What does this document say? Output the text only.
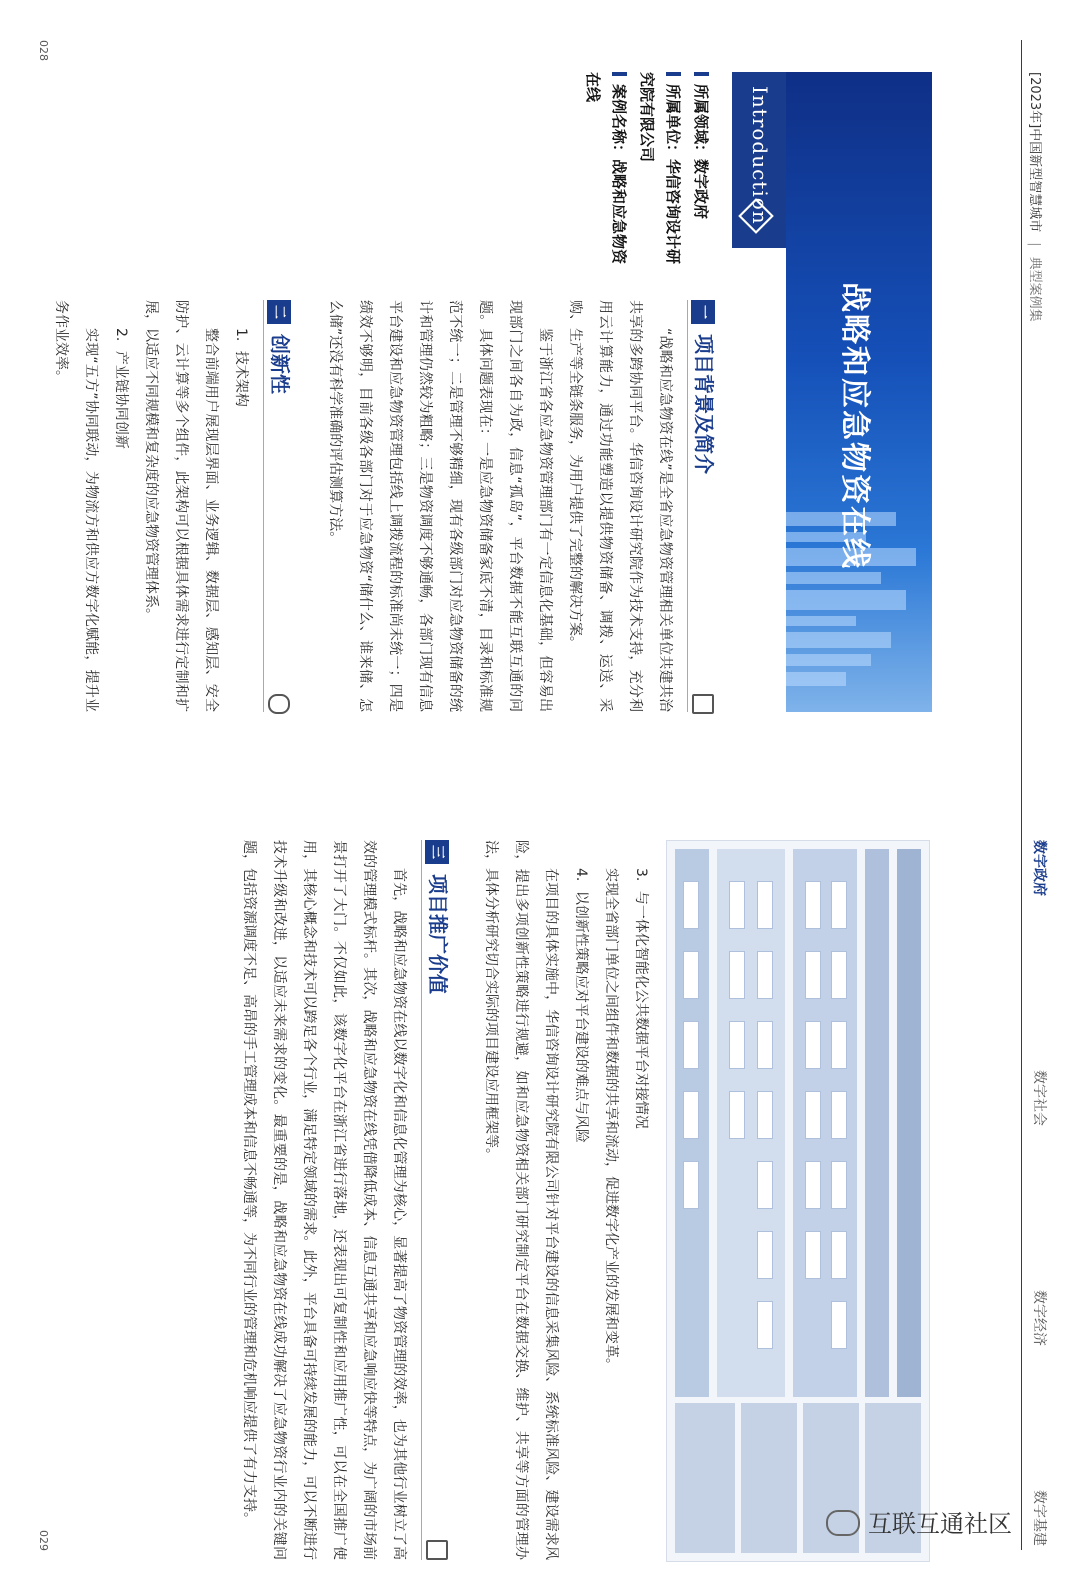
[2023年]中国新型智慧城市|典型案例集
数字政府
数字社会
数字经济
数字基建
战略和应急物资在线
Introduction
所属领域：数字政府
所属单位：华信咨询设计研
究院有限公司
案例名称：战略和应急物资
在线
一项目背景及简介

“战略和应急物资在线”是全省应急物资管理相关单位共建共治共享的多跨协同平台。华信咨询设计研究院作为技术支持，充分利用云计算能力，通过功能塑造以提供物资储备、调拨、运送、采购、生产等全链条服务，为用户提供了完整的解决方案。

鉴于浙江省各应急物资管理部门有一定信息化基础，但容易出现部门之间各自为政，信息“孤岛”，平台数据不能互联互通的问题。具体问题表现在：一是应急物资储备家底不清，目录和标准规范不统一；二是管理不够精细，现有各级部门对应急物资储备的统计和管理仍然较为粗略；三是物资调度不够通畅，各部门现有信息平台建设和应急物资管理包括线上调拨流程的标准尚未统一；四是绩效不够明，目前各级各部门对于应急物资“储什么、谁来储、怎么储”还没有科学准确的评估测算方法。

二创新性

1．技术架构

整合前端用户展现层界面、业务逻辑、数据层、感知层、安全防护、云计算等多个组件，此架构可以根据具体需求进行定制和扩展，以适应不同规模和复杂度的应急物资管理体系。

2．产业链协同创新

实现“五方”协同联动，为物流方和供应方数字化赋能，提升业务作业效率。

3．与一体化智能化公共数据平台对接情况

实现全省部门单位之间组件和数据的共享和流动，促进数字化产业的发展和变革。

4．以创新性策略应对平台建设的难点与风险

在项目的具体实施中，华信咨询设计研究院有限公司针对平台建设的信息采集风险、系统标准风险、建设需求风险，提出多项创新性策略进行规避，如和应急物资相关部门研究制定平台在数据交换、维护、共享等方面的管理办法，具体分析研究切合实际的项目建设应用框架等。

三项目推广价值

首先，战略和应急物资在线以数字化和信息化管理为核心，显著提高了物资管理的效率，也为其他行业树立了高效的管理模式标杆。其次，战略和应急物资在线凭借降低成本、信息互通共享和应急响应快等特点，为广阔的市场前景打开了大门。不仅如此，该数字化平台在浙江省进行落地，还表现出可复制性和应用推广性，可以在全国推广使用，其核心概念和技术可以跨足各个行业，满足特定领域的需求。此外，平台具备可持续发展的能力，可以不断进行技术升级和改进，以适应未来需求的变化。最重要的是，战略和应急物资在线成功解决了应急物资行业内的关键问题，包括资源调度不足、高昂的手工管理成本和信息不畅通等，为不同行业的管理和危机响应提供了有力支持。

028
029
互联互通社区
